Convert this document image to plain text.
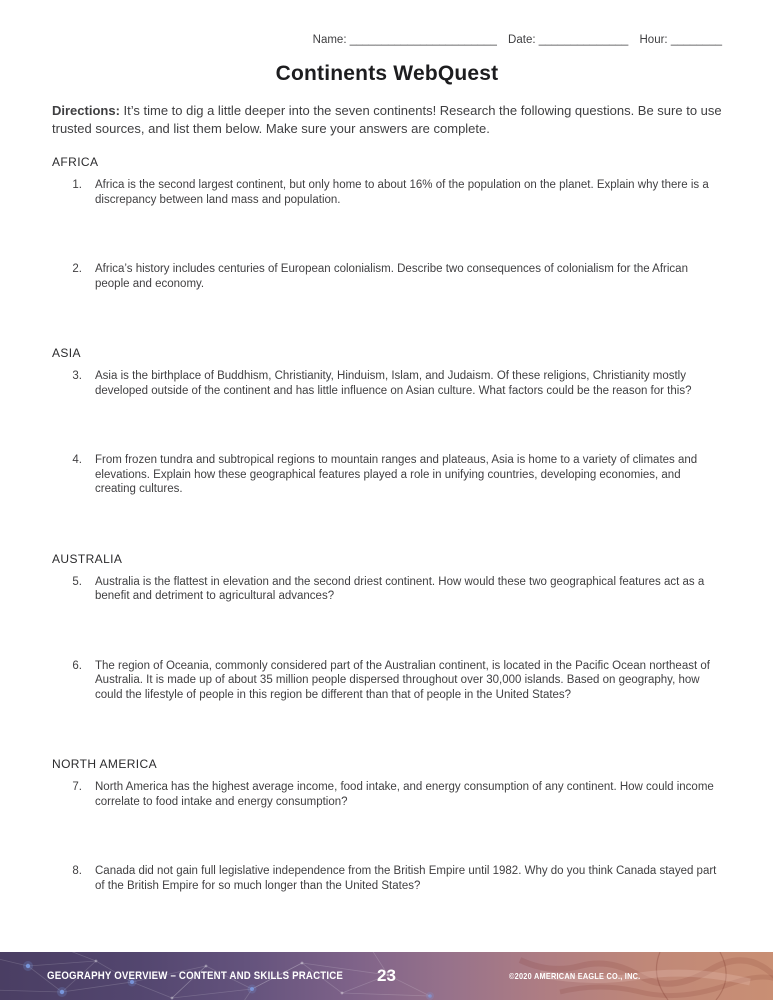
Name: _______________________ Date: ______________ Hour: ________
Continents WebQuest

Directions: It’s time to dig a little deeper into the seven continents! Research the following questions. Be sure to use trusted sources, and list them below. Make sure your answers are complete.

AFRICA
1. Africa is the second largest continent, but only home to about 16% of the population on the planet. Explain why there is a discrepancy between land mass and population.

2. Africa’s history includes centuries of European colonialism. Describe two consequences of colonialism for the African people and economy.

ASIA
3. Asia is the birthplace of Buddhism, Christianity, Hinduism, Islam, and Judaism. Of these religions, Christianity mostly developed outside of the continent and has little influence on Asian culture. What factors could be the reason for this?

4. From frozen tundra and subtropical regions to mountain ranges and plateaus, Asia is home to a variety of climates and elevations. Explain how these geographical features played a role in unifying countries, developing economies, and creating cultures.

AUSTRALIA
5. Australia is the flattest in elevation and the second driest continent. How would these two geographical features act as a benefit and detriment to agricultural advances?

6. The region of Oceania, commonly considered part of the Australian continent, is located in the Pacific Ocean northeast of Australia. It is made up of about 35 million people dispersed throughout over 30,000 islands. Based on geography, how could the lifestyle of people in this region be different than that of people in the United States?

NORTH AMERICA
7. North America has the highest average income, food intake, and energy consumption of any continent. How could income correlate to food intake and energy consumption?

8. Canada did not gain full legislative independence from the British Empire until 1982. Why do you think Canada stayed part of the British Empire for so much longer than the United States?

GEOGRAPHY OVERVIEW – CONTENT AND SKILLS PRACTICE 23	©2020 AMERICAN EAGLE CO., INC.
